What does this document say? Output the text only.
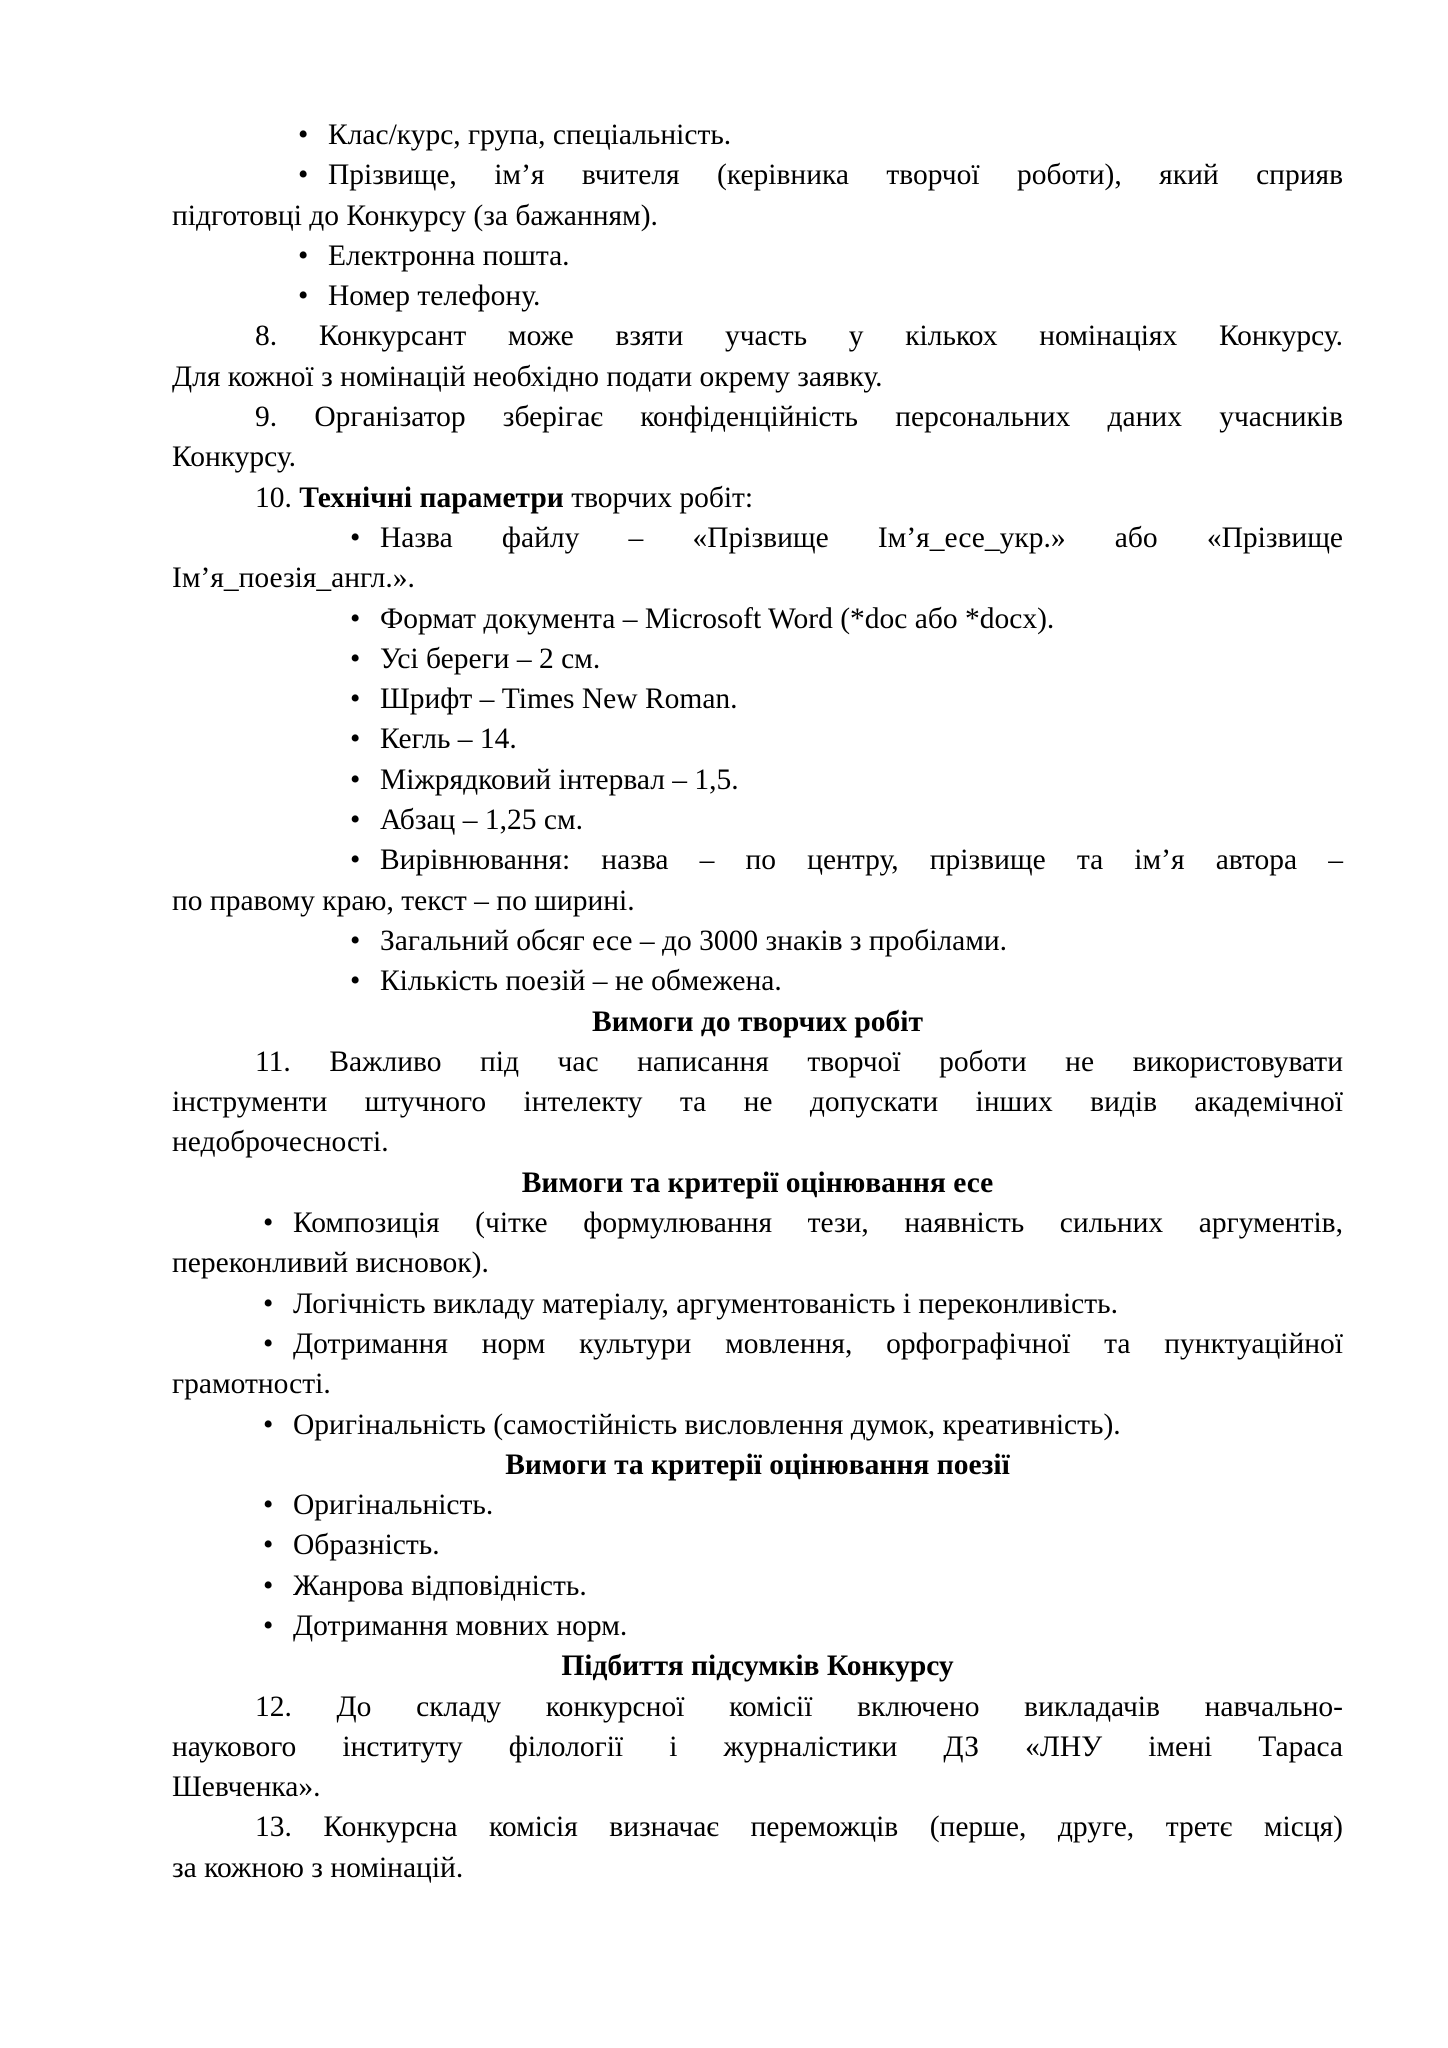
• Клас/курс, група, спеціальність.
• Прізвище, ім’я вчителя (керівника творчої роботи), який сприяв
підготовці до Конкурсу (за бажанням).
• Електронна пошта.
• Номер телефону.
8. Конкурсант може взяти участь у кількох номінаціях Конкурсу.
Для кожної з номінацій необхідно подати окрему заявку.
9. Організатор зберігає конфіденційність персональних даних учасників
Конкурсу.
10. Технічні параметри творчих робіт:
• Назва файлу – «Прізвище Ім’я_есе_укр.» або «Прізвище
Ім’я_поезія_англ.».
• Формат документа – Microsoft Word (*doc або *docx).
• Усі береги – 2 см.
• Шрифт – Times New Roman.
• Кегль – 14.
• Міжрядковий інтервал – 1,5.
• Абзац – 1,25 см.
• Вирівнювання: назва – по центру, прізвище та ім’я автора –
по правому краю, текст – по ширині.
• Загальний обсяг есе – до 3000 знаків з пробілами.
• Кількість поезій – не обмежена.
Вимоги до творчих робіт
11. Важливо під час написання творчої роботи не використовувати
інструменти штучного інтелекту та не допускати інших видів академічної
недоброчесності.
Вимоги та критерії оцінювання есе
• Композиція (чітке формулювання тези, наявність сильних аргументів,
переконливий висновок).
• Логічність викладу матеріалу, аргументованість і переконливість.
• Дотримання норм культури мовлення, орфографічної та пунктуаційної
грамотності.
• Оригінальність (самостійність висловлення думок, креативність).
Вимоги та критерії оцінювання поезії
• Оригінальність.
• Образність.
• Жанрова відповідність.
• Дотримання мовних норм.
Підбиття підсумків Конкурсу
12. До складу конкурсної комісії включено викладачів навчально-
наукового інституту філології і журналістики ДЗ «ЛНУ імені Тараса
Шевченка».
13. Конкурсна комісія визначає переможців (перше, друге, третє місця)
за кожною з номінацій.
